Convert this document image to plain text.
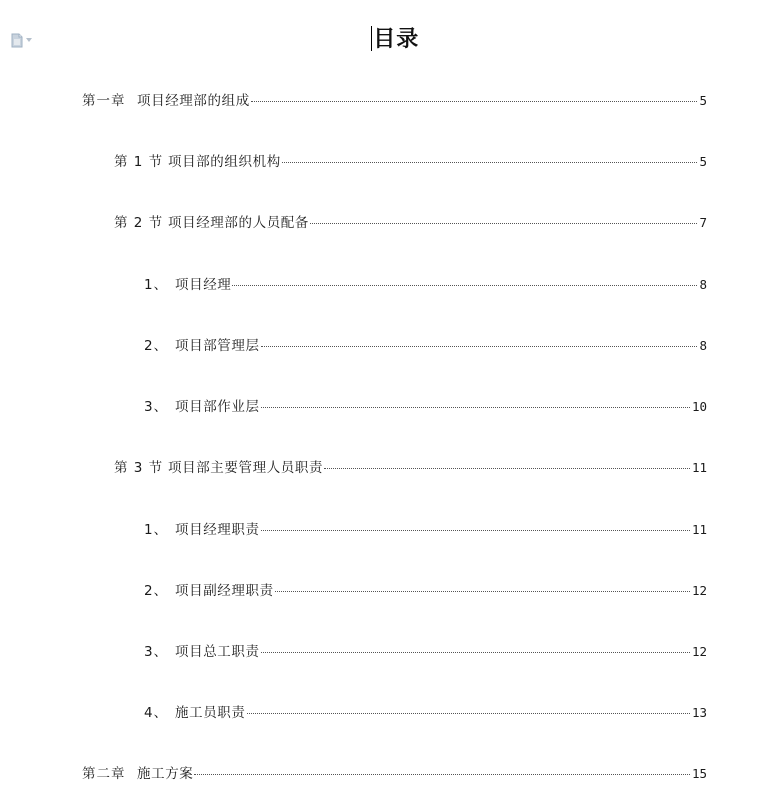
目录
第一章 项目经理部的组成	5
第 1 节 项目部的组织机构	5
第 2 节 项目经理部的人员配备	7
1、 项目经理	8
2、 项目部管理层	8
3、 项目部作业层	10
第 3 节 项目部主要管理人员职责	11
1、 项目经理职责	11
2、 项目副经理职责	12
3、 项目总工职责	12
4、 施工员职责	13
第二章 施工方案	15
